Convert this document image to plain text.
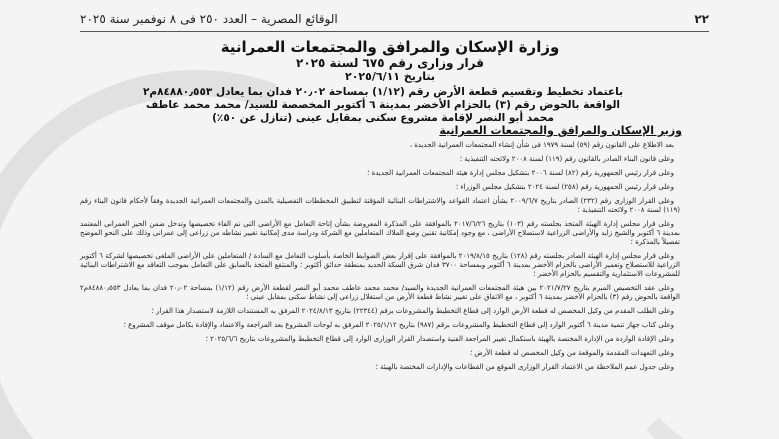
٢٢
الوقائع المصرية – العدد ٢٥٠ فى ٨ نوفمبر سنة ٢٠٢٥
وزارة الإسكان والمرافق والمجتمعات العمرانية
قرار وزارى رقم ٦٧٥ لسنة ٢٠٢٥
بتاريخ ٢٠٢٥/٦/١١
باعتماد تخطيط وتقسيم قطعة الأرض رقم (١/١٢) بمساحة ٢٠٫٠٢ فدان بما يعادل ٨٤٨٨٠٫٥٥٣م٢
الواقعة بالحوض رقم (٣) بالحزام الأخضر بمدينة ٦ أكتوبر المخصصة للسيد/ محمد محمد عاطف
محمد أبو النصر لإقامة مشروع سكنى بمقابل عينى (تنازل عن ٥٠٪)
وزير الإسكان والمرافق والمجتمعات العمرانية

بعد الاطلاع على القانون رقم (٥٩) لسنة ١٩٧٩ فى شأن إنشاء المجتمعات العمرانية الجديدة ،

وعلى قانون البناء الصادر بالقانون رقم (١١٩) لسنة ٢٠٠٨ ولائحته التنفيذية ؛

وعلى قرار رئيس الجمهورية رقم (٨٢) لسنة ٢٠٠٦ بتشكيل مجلس إدارة هيئة المجتمعات العمرانية الجديدة ؛

وعلى قرار رئيس الجمهورية رقم (٢٥٨) لسنة ٢٠٢٤ بتشكيل مجلس الوزراء ؛

وعلى القرار الوزارى رقم (٢٣٢) الصادر بتاريخ ٢٠٠٩/٦/٧ بشأن اعتماد القواعد والاشتراطات البنائية المؤقتة لتطبيق المخططات التفصيلية بالمدن والمجتمعات العمرانية الجديدة وفقاً لأحكام قانون البناء رقم (١١٩) لسنة ٢٠٠٨ ولائحته التنفيذية ؛

وعلى قرار مجلس إدارة الهيئة المتخذ بجلسته رقم (١٠٣) بتاريخ ٢٠١٧/٦/٢٦ بالموافقة على المذكرة المعروضة بشأن إتاحة التعامل مع الأراضى التى تم الفاء تخصيصها وتدخل ضمن الحيز العمرانى المعتمد بمدينة ٦ أكتوبر والشيخ زايد والأراضى الزراعية لاستصلاح الأراضى ، مع وجود إمكانية تقنين وضع الملاك المتعاملين مع الشركة ودراسة مدى إمكانية تغيير نشاطه من زراعى إلى عمرانى وذلك على النحو الموضح تفصيلاً بالمذكرة ؛

وعلى قرار مجلس إدارة الهيئة الصادر بجلسته رقم (١٢٨) بتاريخ ٢٠١٩/٨/١٥ بالموافقة على إقرار بعض الضوابط الخاصة بأسلوب التعامل مع السادة / المتعاملين على الأراضى الملغى تخصيصها لشركة ٦ أكتوبر الزراعية للاستصلاح وتعمير الأراضى بالحزام الأخضر بمدينة ٦ أكتوبر وبمساحة ٣٧٠٠ فدان شرق السكة الحديد بمنطقة حدائق أكتوبر ؛ والمنتفع المتخذ بالسابق على التعامل بموجب التعاقد مع الاشتراطات البنائية للمشروعات الاستثمارية والتقسيم بالحزام الأخضر ؛

وعلى عقد التخصيص المبرم بتاريخ ٢٠٢١/٧/٢٧ بين هيئة المجتمعات العمرانية الجديدة والسيد/ محمد محمد عاطف محمد أبو النصر لقطعة الأرض رقم (١/١٢) بمساحة ٢٠٫٠٢ فدان بما يعادل ٨٤٨٨٠٫٥٥٣م٢ الواقعة بالحوض رقم (٣) بالحزام الأخضر بمدينة ٦ أكتوبر ، مع الاتفاق على تغيير نشاط قطعة الأرض من استغلال زراعى إلى نشاط سكنى بمقابل عينى ؛

وعلى الطلب المقدم من وكيل المخصص له قطعة الأرض الوارد إلى قطاع التخطيط والمشروعات برقم (٢٢٣٤٤) بتاريخ ٢٠٢٤/٨/١٣ المرفق به المستندات اللازمة لاستصدار هذا القرار ؛

وعلى كتاب جهاز تنمية مدينة ٦ أكتوبر الوارد إلى قطاع التخطيط والمشروعات برقم (٩٨٧) بتاريخ ٢٠٢٥/١/١٢ المرفق به لوحات المشروع بعد المراجعة والاعتماد والإفادة بكامل موقف المشروع ؛

وعلى الإفادة الواردة من الإدارة المختصة بالهيئة باستكمال تغيير المراجعة الفنية واستصدار القرار الوزارى الوارد إلى قطاع التخطيط والمشروعات بتاريخ ٢٠٢٥/٦/٦ ؛

وعلى التعهدات المقدمة والموقعة من وكيل المخصص له قطعة الأرض ؛

وعلى جدول عمم الملاحظة من الاعتماد القرار الوزارى الموقع من القطاعات والإدارات المختصة بالهيئة ؛
